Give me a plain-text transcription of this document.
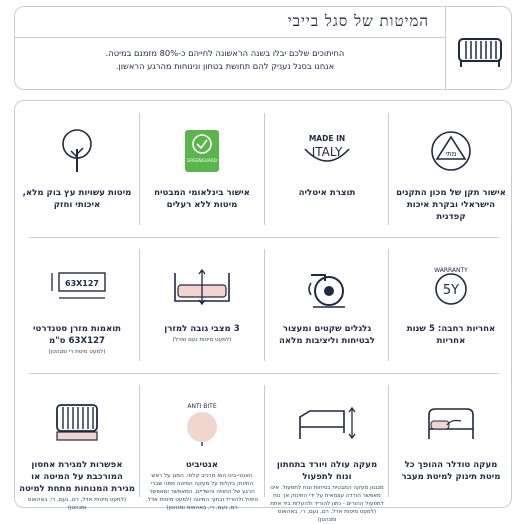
המיטות של סגל בייבי
החיתוכים שלכם יבלו בשנה הראשונה לחייהם כ-80% מזמנם במיטה.
אנחנו בסגל נעניק להם תחושת בטחון ונינוחות מהרגע הראשון.
מתי
אישור תקן של מכון התקנים הישראלי ובקרת איכות קפדנית
MADE IN
ITALY
תוצרת איטליה
GREENGUARD
אישור בינלאומי המבטיח מיטות ללא רעלים
מיטות עשויות עץ בוק מלא, איכותי וחזק
WARRANTY
5Y
אחריות רחבה: 5 שנות אחריות
גלגלים שקטים ומעצור לבטיחות וליציבות מלאה
3 מצבי גובה למזרן
(למעט מיטות נעם ואדל)
63X127
תואמות מזרן סטנדרטי 63X127 ס"מ
(למעט מיטת רי ומגהטן)
מעקה טודלר ההופך כל מיטת תינוק למיטת מעבר
מעקה עולה ויורד בתחתון ונוח לתפעול
מנגנון מעקה המבטיח בטיחות ונוח לתפעול. אינו מאפשר הורדה עצמאית על ידי התינוק אך נוח לתפעול ההורים - נתון להוריד ולהעלות ביד אחת (למעט מיטות אדל, רם, נעם, רי, באהאוס ומנהטן)
ANTI BITE
אנטיביט
האנטי-ביט הוא מרכיב קלסי, המגן על ראש התינוק בקלות על מעקה המיטה מפני שברי הרגע של החוויה והשדיים, המאפשר ומאפשר טיפול ולהוריד ובתוך המיטה (למעט מיטות אדל, רם, נעם, רי, באהאוס ומנהטן)
אפשרות למגירת אחסון המורכבת על המיטה או מגירת המנוחות מתחת למיטה
(למעט מיטות אדל, רם, נעם, רי, באהאוס ומנהטן)
